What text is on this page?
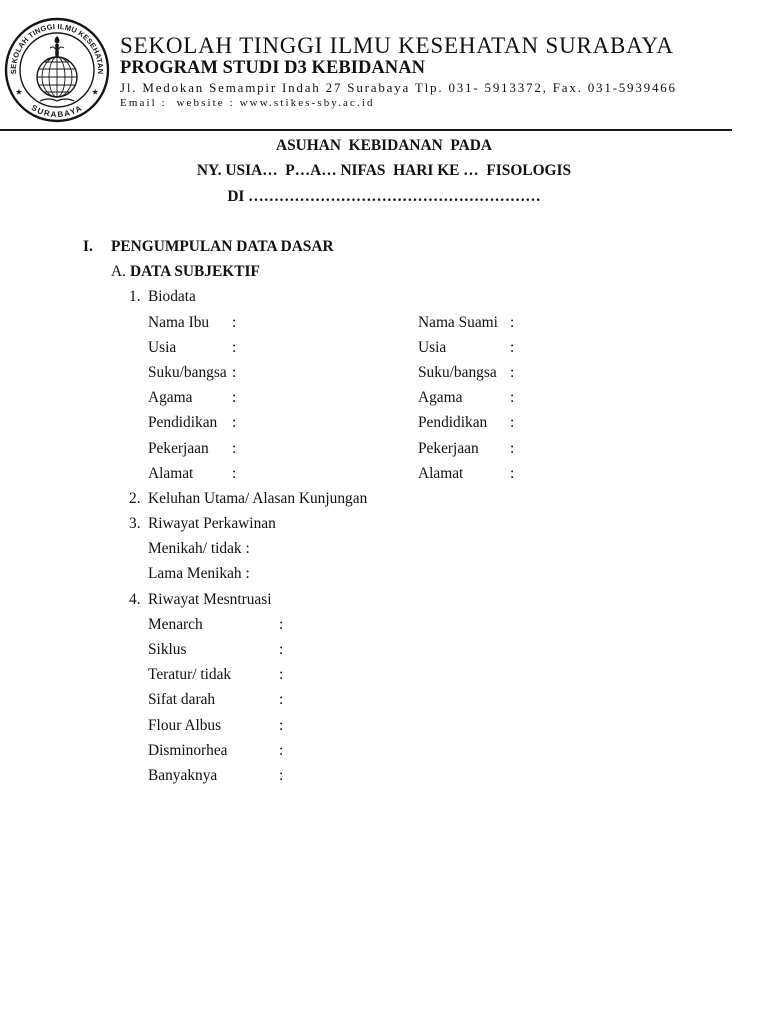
SEKOLAH TINGGI ILMU KESEHATAN
SURABAYA
SEKOLAH TINGGI ILMU KESEHATAN SURABAYA
PROGRAM STUDI D3 KEBIDANAN
Jl. Medokan Semampir Indah 27 Surabaya Tlp. 031- 5913372, Fax. 031-5939466
Email :  website : www.stikes-sby.ac.id
ASUHAN  KEBIDANAN  PADA
NY. USIA…  P…A… NIFAS  HARI KE …  FISOLOGIS
DI …………………………………………………
I. PENGUMPULAN DATA DASAR
A. DATA SUBJEKTIF
1. Biodata
Nama Ibu :	Nama Suami :
Usia	:	Usia	:
Suku/bangsa :	Suku/bangsa :
Agama	:	Agama	:
Pendidikan :	Pendidikan :
Pekerjaan :	Pekerjaan :
Alamat	:	Alamat	:
2. Keluhan Utama/ Alasan Kunjungan
3. Riwayat Perkawinan
Menikah/ tidak :
Lama Menikah :
4. Riwayat Mesntruasi
Menarch	:
Siklus	:
Teratur/ tidak	:
Sifat darah	:
Flour Albus	:
Disminorhea	:
Banyaknya	:
